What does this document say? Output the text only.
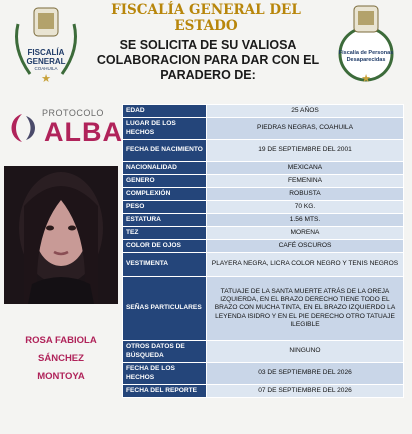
FISCALÍA GENERAL
COAHUILA
★
FISCALÍA GENERAL DEL ESTADO
Fiscalía de Personas Desaparecidas
★
SE SOLICITA DE SU VALIOSA COLABORACION PARA DAR CON EL PARADERO DE:
PROTOCOLO
ALBA
ROSA FABIOLA
SÁNCHEZ
MONTOYA
EDAD	25 AÑOS
LUGAR DE LOS HECHOS	PIEDRAS NEGRAS, COAHUILA
FECHA DE NACIMIENTO	19 DE SEPTIEMBRE DEL 2001
NACIONALIDAD	MEXICANA
GENERO	FEMENINA
COMPLEXIÓN	ROBUSTA
PESO	70 KG.
ESTATURA	1.56 MTS.
TEZ	MORENA
COLOR DE OJOS	CAFÉ OSCUROS
VESTIMENTA	PLAYERA NEGRA, LICRA COLOR NEGRO Y TENIS NEGROS
SEÑAS PARTICULARES	TATUAJE DE LA SANTA MUERTE ATRÁS DE LA OREJA IZQUIERDA, EN EL BRAZO DERECHO TIENE TODO EL BRAZO CON MUCHA TINTA, EN EL BRAZO IZQUIERDO LA LEYENDA ISIDRO Y EN EL PIE DERECHO OTRO TATUAJE ILEGIBLE
OTROS DATOS DE BÚSQUEDA	NINGUNO
FECHA DE LOS HECHOS	03 DE SEPTIEMBRE DEL 2026
FECHA DEL REPORTE	07 DE SEPTIEMBRE DEL 2026
